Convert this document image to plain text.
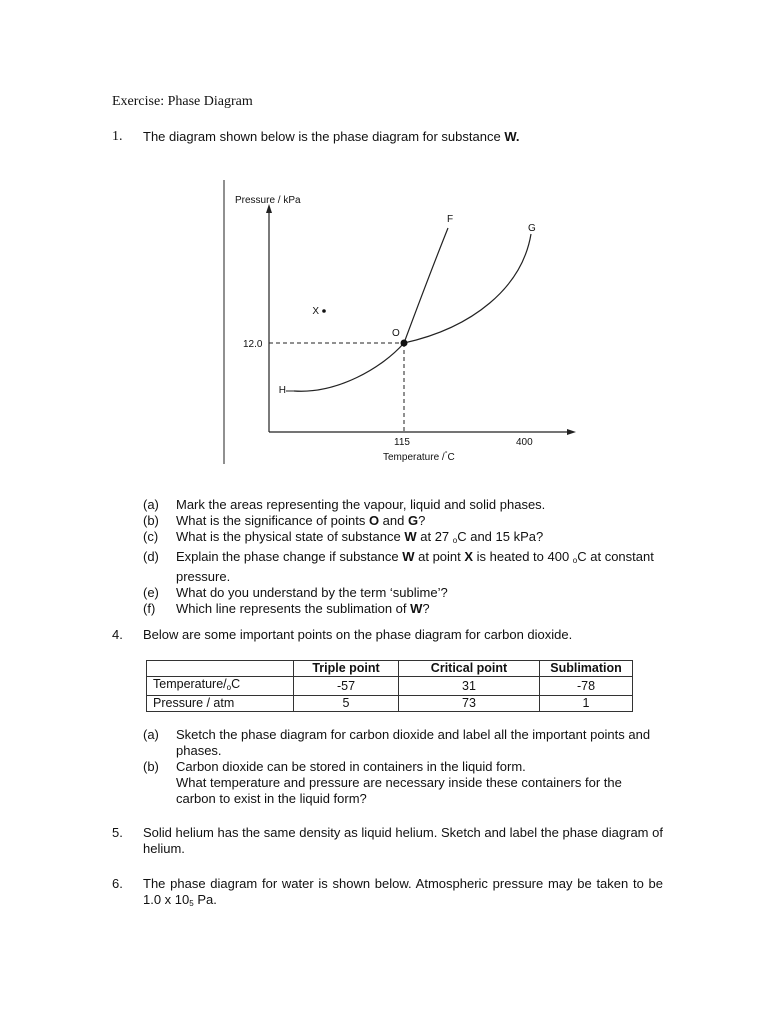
Exercise: Phase Diagram
1. The diagram shown below is the phase diagram for substance W.
Pressure / kPa
Temperature /°C
12.0
115	400
F
G
O
H
X
(a) Mark the areas representing the vapour, liquid and solid phases.
(b) What is the significance of points O and G?
(c) What is the physical state of substance W at 27 $_o$C and 15 kPa?
(d) Explain the phase change if substance W at point X is heated to 400 $_o$C at constant pressure.
(e) What do you understand by the term ‘sublime’?
(f) Which line represents the sublimation of W?
4. Below are some important points on the phase diagram for carbon dioxide.
	Triple point	Critical point	Sublimation
Temperature/$_oC$	-57	31	-78
Pressure / atm	5	73	1
(a) Sketch the phase diagram for carbon dioxide and label all the important points and phases.
(b) Carbon dioxide can be stored in containers in the liquid form.
What temperature and pressure are necessary inside these containers for the carbon to exist in the liquid form?
5. Solid helium has the same density as liquid helium. Sketch and label the phase diagram of helium.
6. The phase diagram for water is shown below. Atmospheric pressure may be taken to be 1.0 x $10_5$ Pa.
